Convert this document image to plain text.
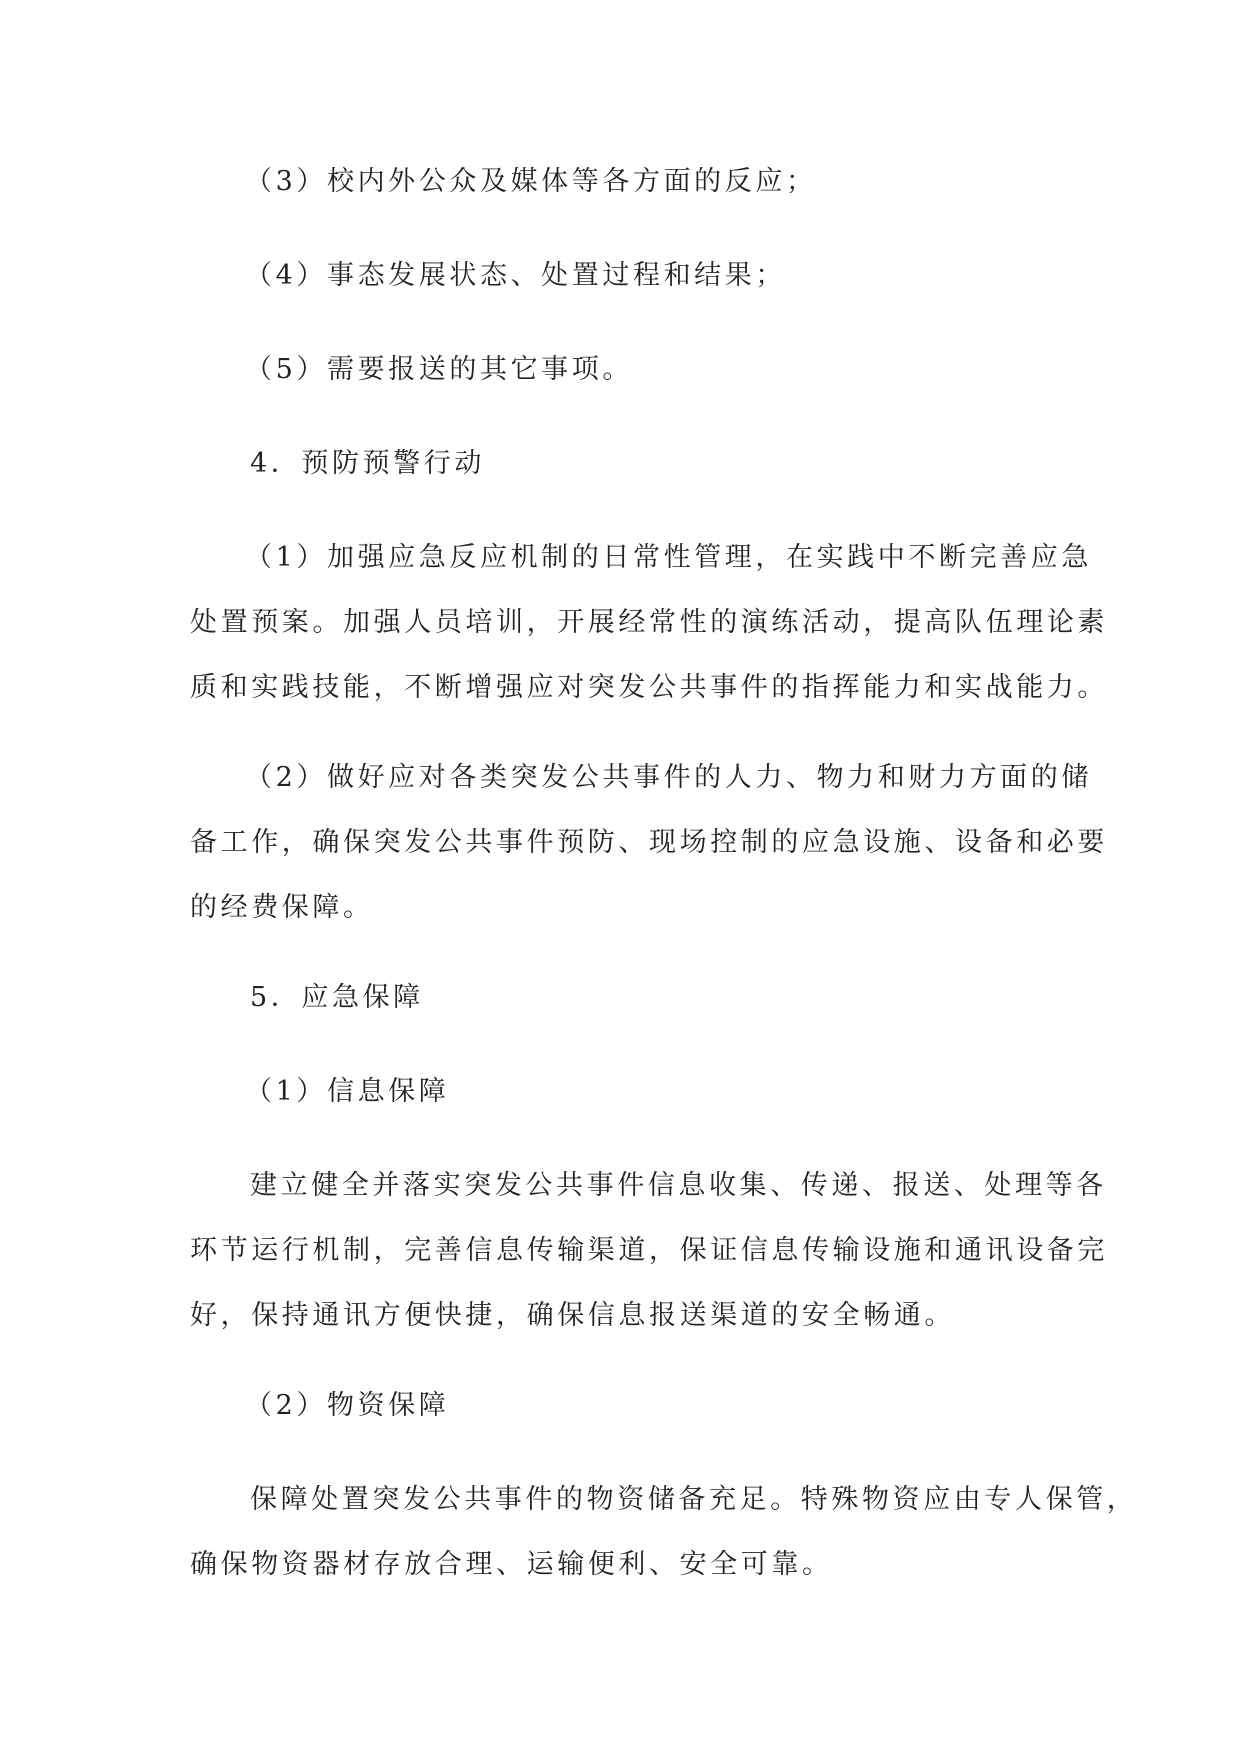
（3）校内外公众及媒体等各方面的反应；
（4）事态发展状态、处置过程和结果；
（5）需要报送的其它事项。
4．预防预警行动
（1）加强应急反应机制的日常性管理，在实践中不断完善应急
处置预案。加强人员培训，开展经常性的演练活动，提高队伍理论素
质和实践技能，不断增强应对突发公共事件的指挥能力和实战能力。
（2）做好应对各类突发公共事件的人力、物力和财力方面的储
备工作，确保突发公共事件预防、现场控制的应急设施、设备和必要
的经费保障。
5．应急保障
（1）信息保障
建立健全并落实突发公共事件信息收集、传递、报送、处理等各
环节运行机制，完善信息传输渠道，保证信息传输设施和通讯设备完
好，保持通讯方便快捷，确保信息报送渠道的安全畅通。
（2）物资保障
保障处置突发公共事件的物资储备充足。特殊物资应由专人保管，
确保物资器材存放合理、运输便利、安全可靠。
